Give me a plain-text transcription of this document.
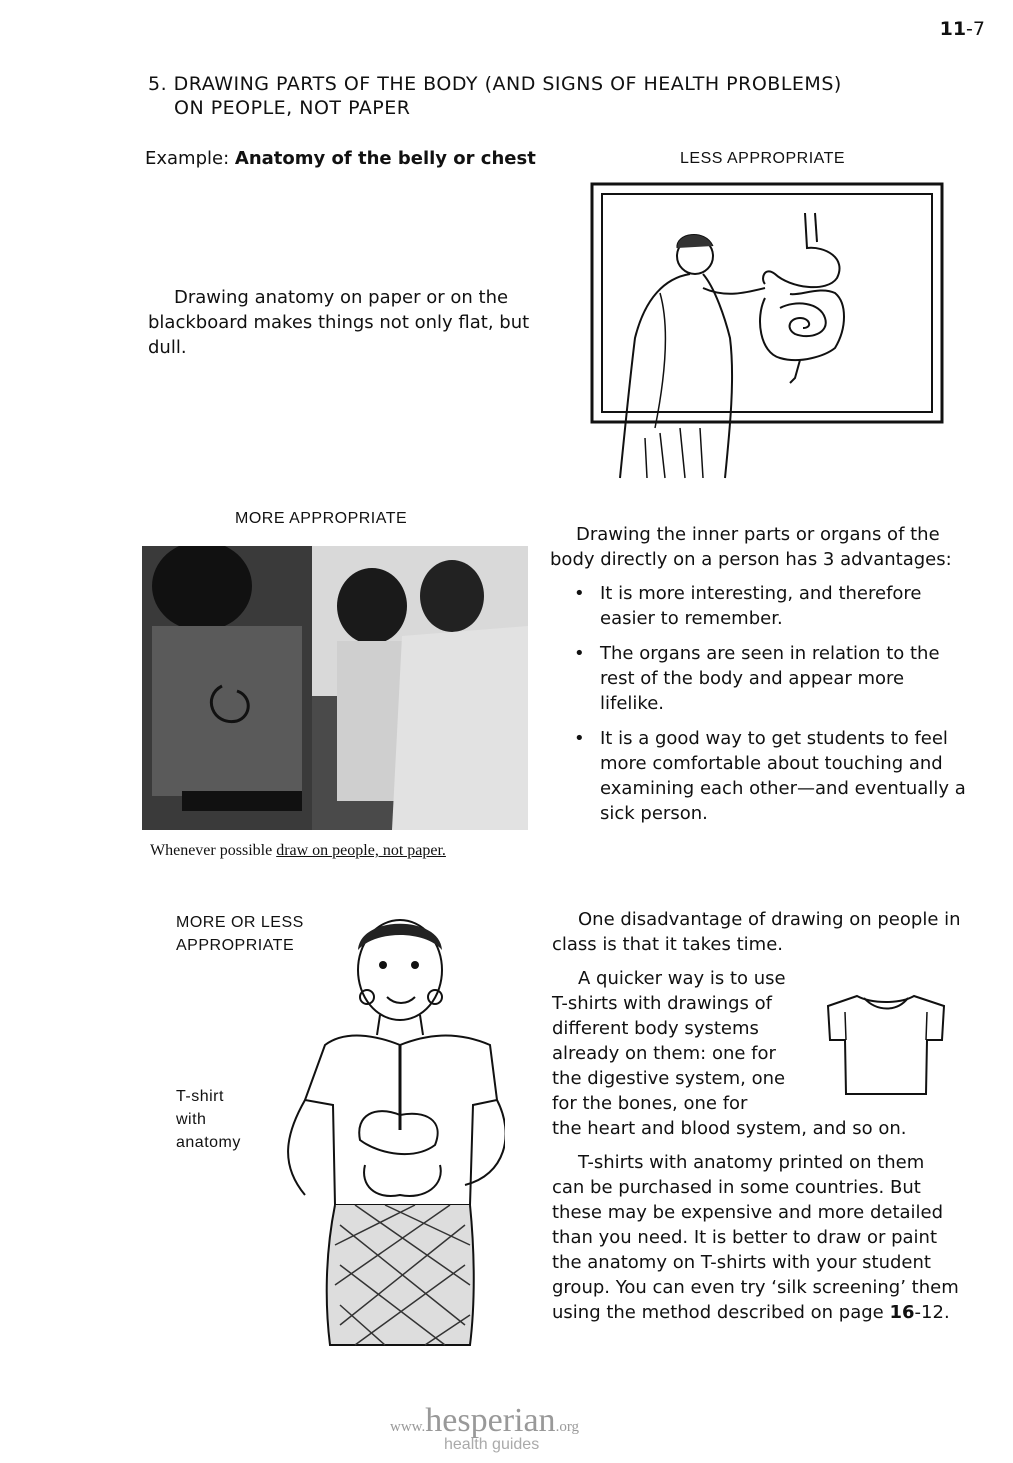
11-7
5. DRAWING PARTS OF THE BODY (AND SIGNS OF HEALTH PROBLEMS)
ON PEOPLE, NOT PAPER
Example: Anatomy of the belly or chest	LESS APPROPRIATE

Drawing anatomy on paper or on the blackboard makes things not only flat, but dull.

MORE APPROPRIATE
Whenever possible draw on people, not paper.

Drawing the inner parts or organs of the body directly on a person has 3 advantages:

• It is more interesting, and therefore easier to remember.
• The organs are seen in relation to the rest of the body and appear more lifelike.
• It is a good way to get students to feel more comfortable about touching and examining each other—and eventually a sick person.
MORE OR LESS
APPROPRIATE
T-shirt
with
anatomy

One disadvantage of drawing on people in class is that it takes time.

A quicker way is to use
T-shirts with drawings of
different body systems
already on them: one for
the digestive system, one
for the bones, one for
the heart and blood system, and so on.

T-shirts with anatomy printed on them can be purchased in some countries. But these may be expensive and more detailed than you need. It is better to draw or paint the anatomy on T-shirts with your student group. You can even try ‘silk screening’ them using the method described on page 16-12.

www.hesperian.org
health guides
